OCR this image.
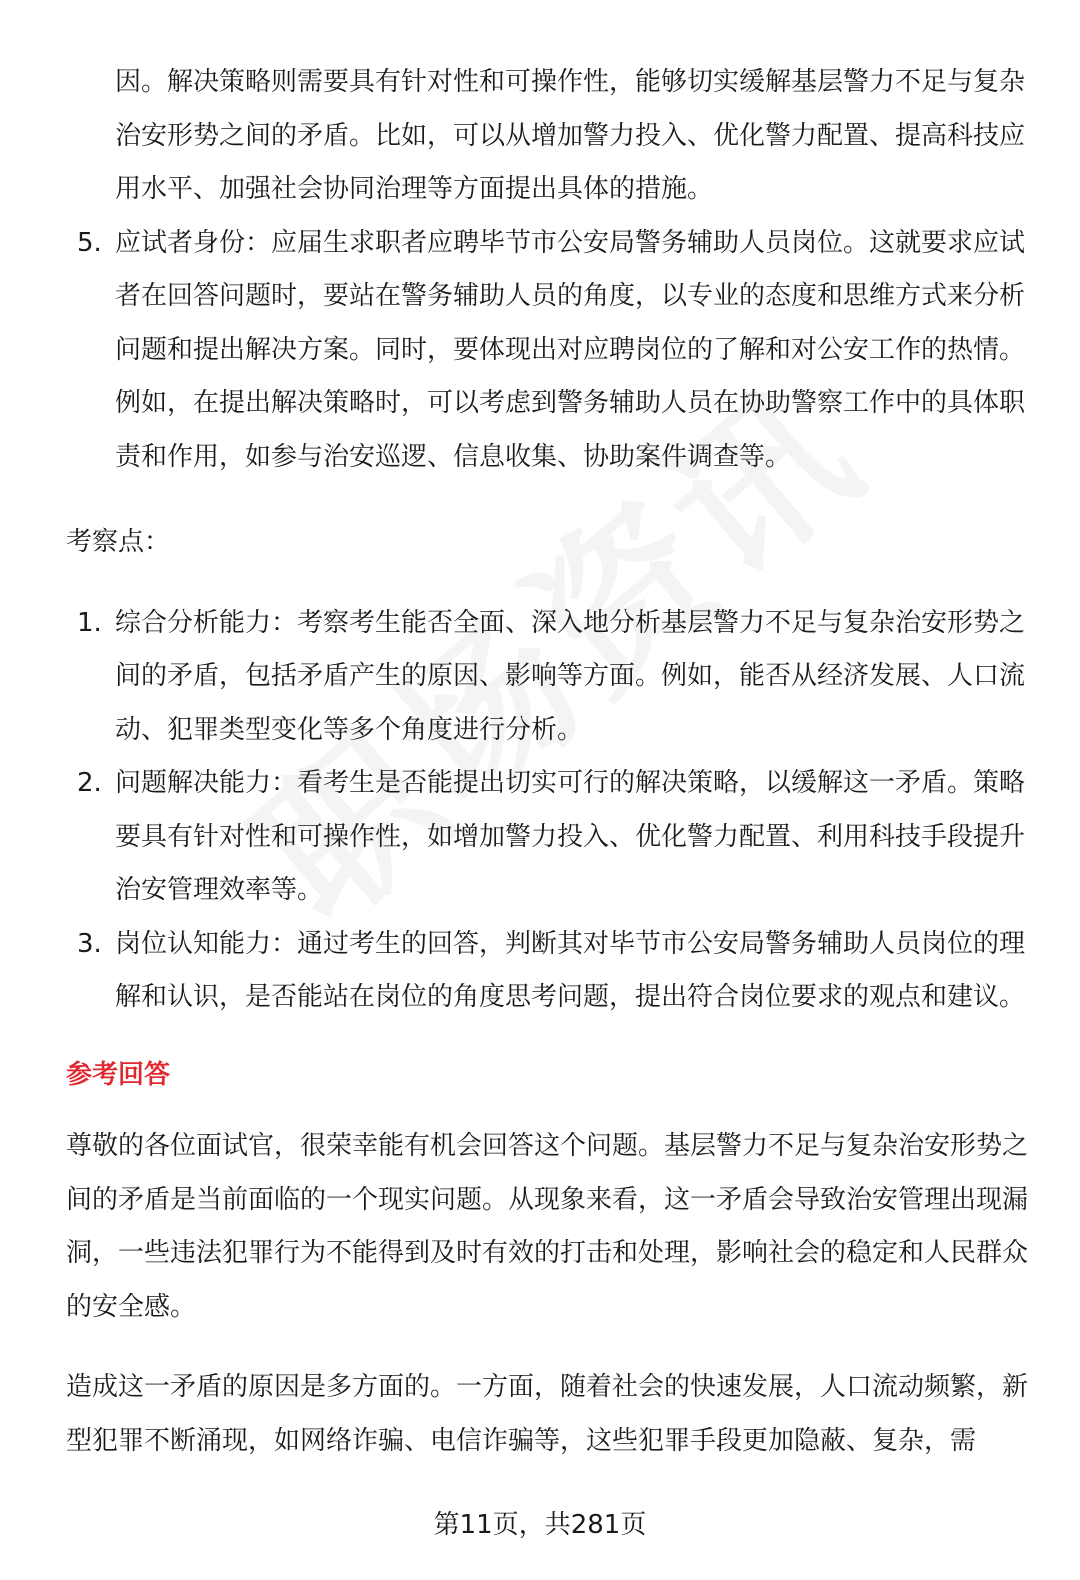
因。解决策略则需要具有针对性和可操作性，能够切实缓解基层警力不足与复杂治安形势之间的矛盾。比如，可以从增加警力投入、优化警力配置、提高科技应用水平、加强社会协同治理等方面提出具体的措施。

5. 应试者身份：应届生求职者应聘毕节市公安局警务辅助人员岗位。这就要求应试者在回答问题时，要站在警务辅助人员的角度，以专业的态度和思维方式来分析问题和提出解决方案。同时，要体现出对应聘岗位的了解和对公安工作的热情。例如，在提出解决策略时，可以考虑到警务辅助人员在协助警察工作中的具体职责和作用，如参与治安巡逻、信息收集、协助案件调查等。

考察点：

1. 综合分析能力：考察考生能否全面、深入地分析基层警力不足与复杂治安形势之间的矛盾，包括矛盾产生的原因、影响等方面。例如，能否从经济发展、人口流动、犯罪类型变化等多个角度进行分析。
2. 问题解决能力：看考生是否能提出切实可行的解决策略，以缓解这一矛盾。策略要具有针对性和可操作性，如增加警力投入、优化警力配置、利用科技手段提升治安管理效率等。
3. 岗位认知能力：通过考生的回答，判断其对毕节市公安局警务辅助人员岗位的理解和认识，是否能站在岗位的角度思考问题，提出符合岗位要求的观点和建议。

参考回答

尊敬的各位面试官，很荣幸能有机会回答这个问题。基层警力不足与复杂治安形势之间的矛盾是当前面临的一个现实问题。从现象来看，这一矛盾会导致治安管理出现漏洞，一些违法犯罪行为不能得到及时有效的打击和处理，影响社会的稳定和人民群众的安全感。

造成这一矛盾的原因是多方面的。一方面，随着社会的快速发展，人口流动频繁，新型犯罪不断涌现，如网络诈骗、电信诈骗等，这些犯罪手段更加隐蔽、复杂，需

第11页，共281页
